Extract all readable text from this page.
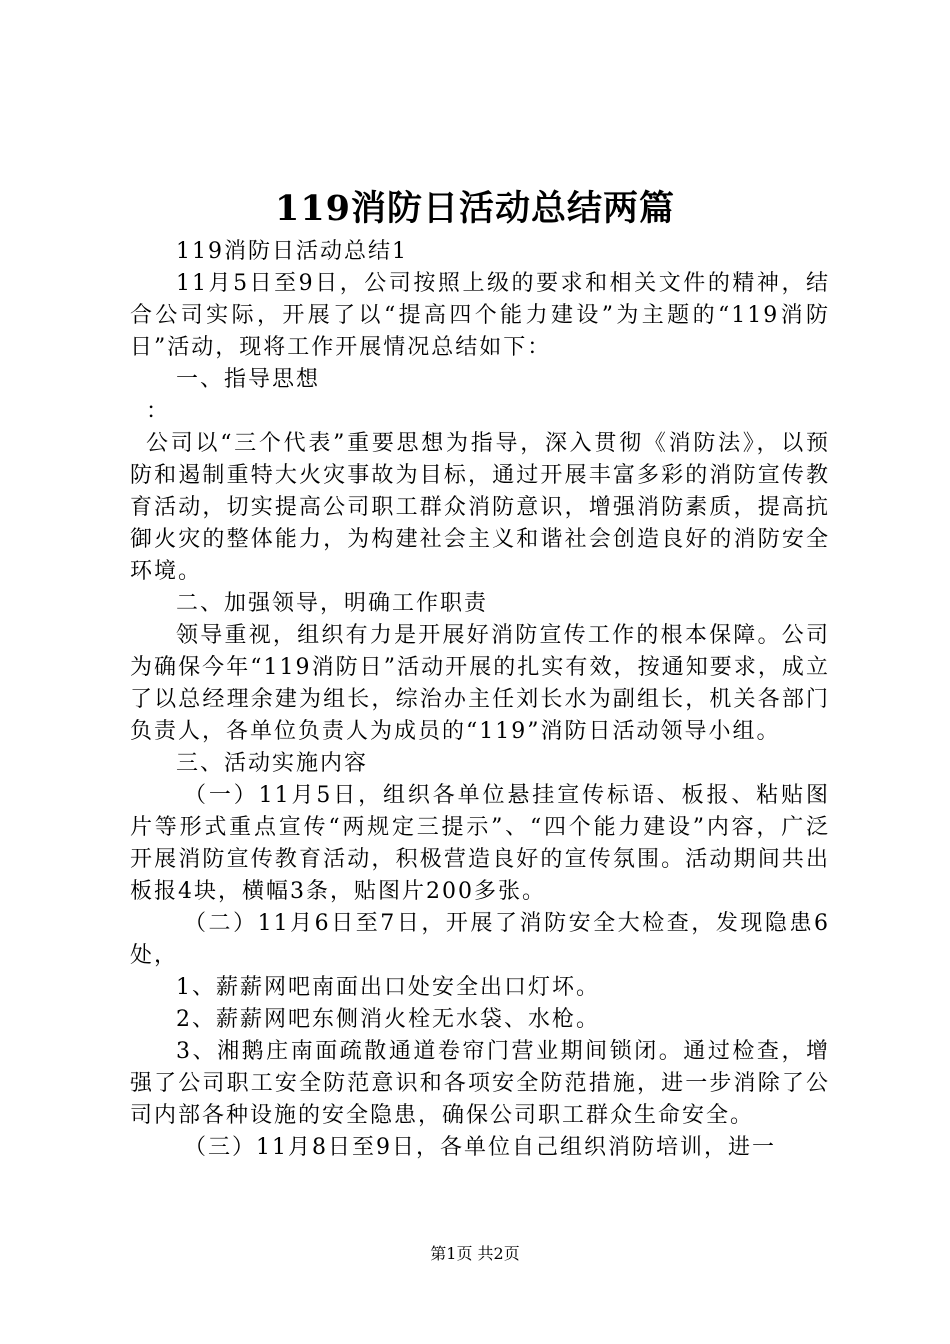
119消防日活动总结两篇

119消防日活动总结1

11月5日至9日，公司按照上级的要求和相关文件的精神，结合公司实际，开展了以“提高四个能力建设”为主题的“119消防日”活动，现将工作开展情况总结如下：

一、指导思想

：

公司以“三个代表”重要思想为指导，深入贯彻《消防法》，以预防和遏制重特大火灾事故为目标，通过开展丰富多彩的消防宣传教育活动，切实提高公司职工群众消防意识，增强消防素质，提高抗御火灾的整体能力，为构建社会主义和谐社会创造良好的消防安全环境。

二、加强领导，明确工作职责

领导重视，组织有力是开展好消防宣传工作的根本保障。公司为确保今年“119消防日”活动开展的扎实有效，按通知要求，成立了以总经理余建为组长，综治办主任刘长水为副组长，机关各部门负责人，各单位负责人为成员的“119”消防日活动领导小组。

三、活动实施内容

（一）11月5日，组织各单位悬挂宣传标语、板报、粘贴图片等形式重点宣传“两规定三提示”、“四个能力建设”内容，广泛开展消防宣传教育活动，积极营造良好的宣传氛围。活动期间共出板报4块，横幅3条，贴图片200多张。

（二）11月6日至7日，开展了消防安全大检查，发现隐患6处，

1、薪薪网吧南面出口处安全出口灯坏。

2、薪薪网吧东侧消火栓无水袋、水枪。

3、湘鹅庄南面疏散通道卷帘门营业期间锁闭。通过检查，增强了公司职工安全防范意识和各项安全防范措施，进一步消除了公司内部各种设施的安全隐患，确保公司职工群众生命安全。

（三）11月8日至9日，各单位自己组织消防培训，进一

第1页 共2页
